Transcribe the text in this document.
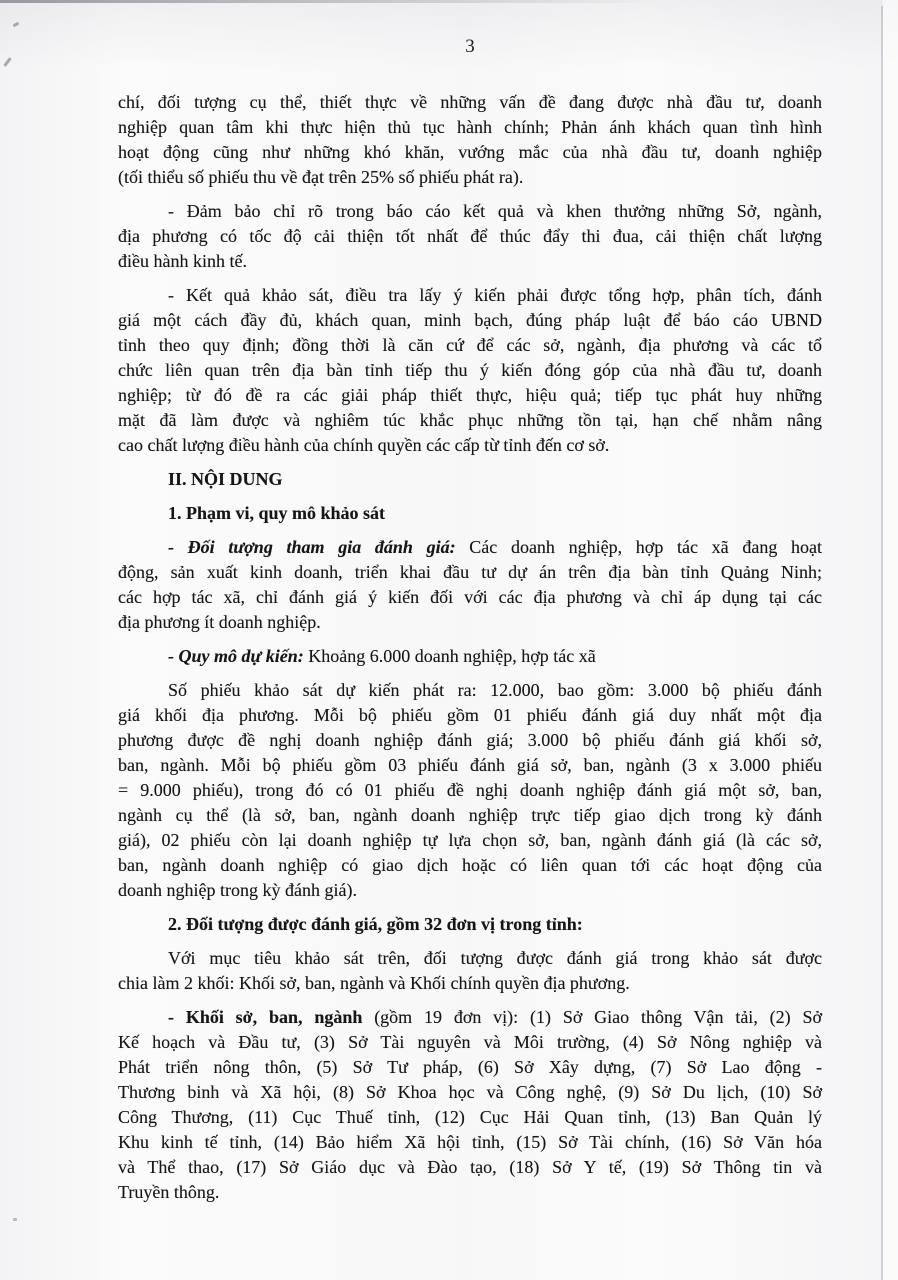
3
chí, đối tượng cụ thể, thiết thực về những vấn đề đang được nhà đầu tư, doanh
nghiệp quan tâm khi thực hiện thủ tục hành chính; Phản ánh khách quan tình hình
hoạt động cũng như những khó khăn, vướng mắc của nhà đầu tư, doanh nghiệp
(tối thiểu số phiếu thu về đạt trên 25% số phiếu phát ra).
- Đảm bảo chỉ rõ trong báo cáo kết quả và khen thưởng những Sở, ngành,
địa phương có tốc độ cải thiện tốt nhất để thúc đẩy thi đua, cải thiện chất lượng
điều hành kinh tế.
- Kết quả khảo sát, điều tra lấy ý kiến phải được tổng hợp, phân tích, đánh
giá một cách đầy đủ, khách quan, minh bạch, đúng pháp luật để báo cáo UBND
tỉnh theo quy định; đồng thời là căn cứ để các sở, ngành, địa phương và các tổ
chức liên quan trên địa bàn tỉnh tiếp thu ý kiến đóng góp của nhà đầu tư, doanh
nghiệp; từ đó đề ra các giải pháp thiết thực, hiệu quả; tiếp tục phát huy những
mặt đã làm được và nghiêm túc khắc phục những tồn tại, hạn chế nhằm nâng
cao chất lượng điều hành của chính quyền các cấp từ tỉnh đến cơ sở.
II. NỘI DUNG
1. Phạm vi, quy mô khảo sát
- Đối tượng tham gia đánh giá: Các doanh nghiệp, hợp tác xã đang hoạt
động, sản xuất kinh doanh, triển khai đầu tư dự án trên địa bàn tỉnh Quảng Ninh;
các hợp tác xã, chỉ đánh giá ý kiến đối với các địa phương và chỉ áp dụng tại các
địa phương ít doanh nghiệp.
- Quy mô dự kiến: Khoảng 6.000 doanh nghiệp, hợp tác xã
Số phiếu khảo sát dự kiến phát ra: 12.000, bao gồm: 3.000 bộ phiếu đánh
giá khối địa phương. Mỗi bộ phiếu gồm 01 phiếu đánh giá duy nhất một địa
phương được đề nghị doanh nghiệp đánh giá; 3.000 bộ phiếu đánh giá khối sở,
ban, ngành. Mỗi bộ phiếu gồm 03 phiếu đánh giá sở, ban, ngành (3 x 3.000 phiếu
= 9.000 phiếu), trong đó có 01 phiếu đề nghị doanh nghiệp đánh giá một sở, ban,
ngành cụ thể (là sở, ban, ngành doanh nghiệp trực tiếp giao dịch trong kỳ đánh
giá), 02 phiếu còn lại doanh nghiệp tự lựa chọn sở, ban, ngành đánh giá (là các sở,
ban, ngành doanh nghiệp có giao dịch hoặc có liên quan tới các hoạt động của
doanh nghiệp trong kỳ đánh giá).
2. Đối tượng được đánh giá, gồm 32 đơn vị trong tỉnh:
Với mục tiêu khảo sát trên, đối tượng được đánh giá trong khảo sát được
chia làm 2 khối: Khối sở, ban, ngành và Khối chính quyền địa phương.
- Khối sở, ban, ngành (gồm 19 đơn vị): (1) Sở Giao thông Vận tải, (2) Sở
Kế hoạch và Đầu tư, (3) Sở Tài nguyên và Môi trường, (4) Sở Nông nghiệp và
Phát triển nông thôn, (5) Sở Tư pháp, (6) Sở Xây dựng, (7) Sở Lao động -
Thương binh và Xã hội, (8) Sở Khoa học và Công nghệ, (9) Sở Du lịch, (10) Sở
Công Thương, (11) Cục Thuế tỉnh, (12) Cục Hải Quan tỉnh, (13) Ban Quản lý
Khu kinh tế tỉnh, (14) Bảo hiểm Xã hội tỉnh, (15) Sở Tài chính, (16) Sở Văn hóa
và Thể thao, (17) Sở Giáo dục và Đào tạo, (18) Sở Y tế, (19) Sở Thông tin và
Truyền thông.
